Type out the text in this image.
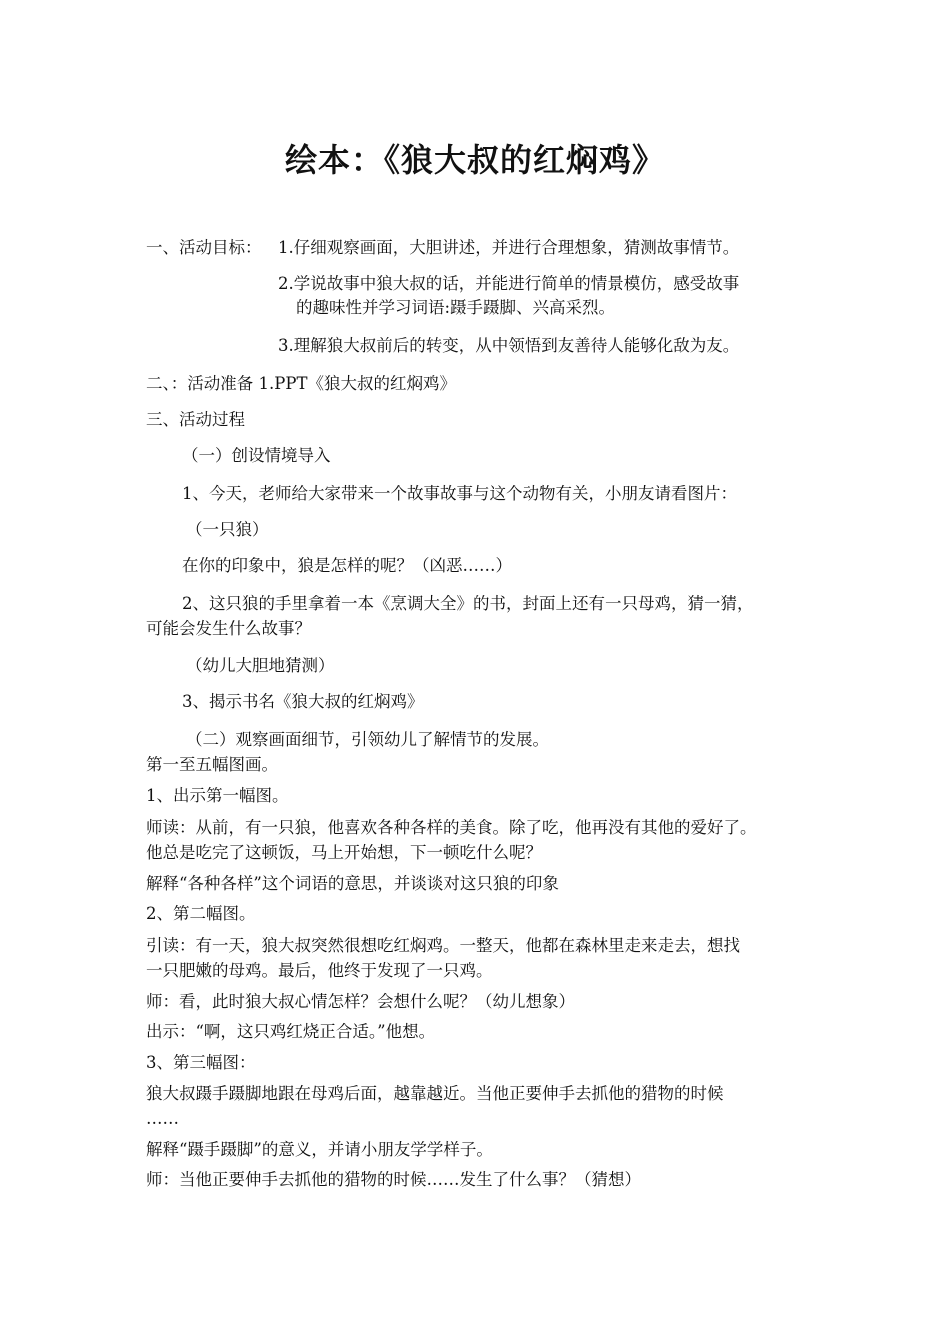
绘本：《狼大叔的红焖鸡》
一、活动目标： 1.仔细观察画面，大胆讲述，并进行合理想象，猜测故事情节。
2.学说故事中狼大叔的话，并能进行简单的情景模仿，感受故事
的趣味性并学习词语:蹑手蹑脚、兴高采烈。
3.理解狼大叔前后的转变，从中领悟到友善待人能够化敌为友。
二、：活动准备 1.PPT《狼大叔的红焖鸡》
三、活动过程
（一）创设情境导入
1、今天，老师给大家带来一个故事故事与这个动物有关，小朋友请看图片：
（一只狼）
在你的印象中，狼是怎样的呢？（凶恶……）
2、这只狼的手里拿着一本《烹调大全》的书，封面上还有一只母鸡，猜一猜，
可能会发生什么故事？
（幼儿大胆地猜测）
3、揭示书名《狼大叔的红焖鸡》
（二）观察画面细节，引领幼儿了解情节的发展。
第一至五幅图画。
1、出示第一幅图。
师读：从前，有一只狼，他喜欢各种各样的美食。除了吃，他再没有其他的爱好了。
他总是吃完了这顿饭，马上开始想，下一顿吃什么呢？
解释“各种各样”这个词语的意思，并谈谈对这只狼的印象
2、第二幅图。
引读：有一天，狼大叔突然很想吃红焖鸡。一整天，他都在森林里走来走去，想找
一只肥嫩的母鸡。最后，他终于发现了一只鸡。
师：看，此时狼大叔心情怎样？会想什么呢？（幼儿想象）
出示：“啊，这只鸡红烧正合适。”他想。
3、第三幅图：
狼大叔蹑手蹑脚地跟在母鸡后面，越靠越近。当他正要伸手去抓他的猎物的时候
……
解释“蹑手蹑脚”的意义，并请小朋友学学样子。
师：当他正要伸手去抓他的猎物的时候……发生了什么事？（猜想）
